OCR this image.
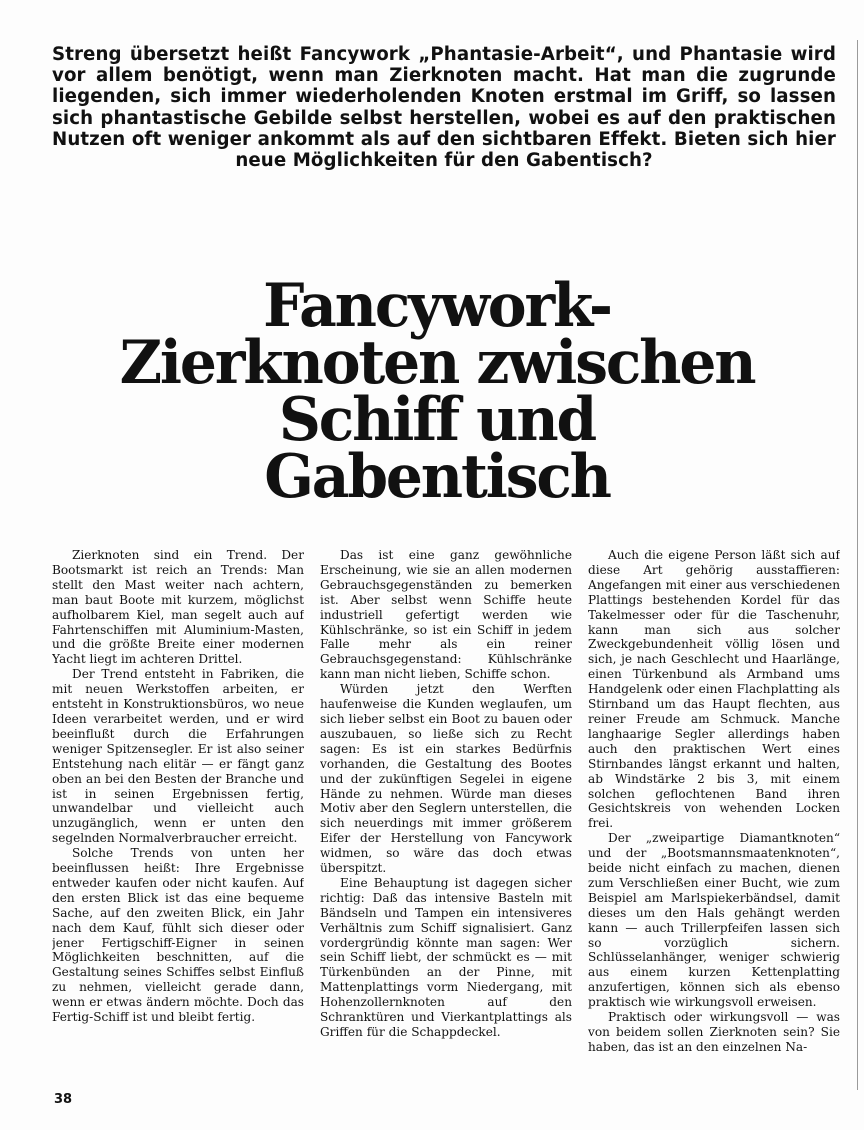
Streng übersetzt heißt Fancywork „Phantasie-Arbeit“, und Phantasie wird vor allem benötigt, wenn man Zierknoten macht. Hat man die zugrunde liegenden, sich immer wiederholenden Knoten erstmal im Griff, so lassen sich phantastische Gebilde selbst herstellen, wobei es auf den praktischen Nutzen oft weniger ankommt als auf den sichtbaren Effekt. Bieten sich hier neue Möglichkeiten für den Gabentisch?

Fancywork-
Zierknoten zwischen
Schiff und
Gabentisch

Zierknoten sind ein Trend. Der Bootsmarkt ist reich an Trends: Man stellt den Mast weiter nach achtern, man baut Boote mit kurzem, möglichst aufholbarem Kiel, man segelt auch auf Fahrtenschiffen mit Aluminium-Masten, und die größte Breite einer modernen Yacht liegt im achteren Drittel.

Der Trend entsteht in Fabriken, die mit neuen Werkstoffen arbeiten, er entsteht in Konstruktionsbüros, wo neue Ideen verarbeitet werden, und er wird beeinflußt durch die Erfahrungen weniger Spitzensegler. Er ist also seiner Entstehung nach elitär — er fängt ganz oben an bei den Besten der Branche und ist in seinen Ergebnissen fertig, unwandelbar und vielleicht auch unzugänglich, wenn er unten den segelnden Normalverbraucher erreicht.

Solche Trends von unten her beeinflussen heißt: Ihre Ergebnisse entweder kaufen oder nicht kaufen. Auf den ersten Blick ist das eine bequeme Sache, auf den zweiten Blick, ein Jahr nach dem Kauf, fühlt sich dieser oder jener Fertigschiff-Eigner in seinen Möglichkeiten beschnitten, auf die Gestaltung seines Schiffes selbst Einfluß zu nehmen, vielleicht gerade dann, wenn er etwas ändern möchte. Doch das Fertig-Schiff ist und bleibt fertig.

Das ist eine ganz gewöhnliche Erscheinung, wie sie an allen modernen Gebrauchsgegenständen zu bemerken ist. Aber selbst wenn Schiffe heute industriell gefertigt werden wie Kühlschränke, so ist ein Schiff in jedem Falle mehr als ein reiner Gebrauchsgegenstand: Kühlschränke kann man nicht lieben, Schiffe schon.

Würden jetzt den Werften haufenweise die Kunden weglaufen, um sich lieber selbst ein Boot zu bauen oder auszubauen, so ließe sich zu Recht sagen: Es ist ein starkes Bedürfnis vorhanden, die Gestaltung des Bootes und der zukünftigen Segelei in eigene Hände zu nehmen. Würde man dieses Motiv aber den Seglern unterstellen, die sich neuerdings mit immer größerem Eifer der Herstellung von Fancywork widmen, so wäre das doch etwas überspitzt.

Eine Behauptung ist dagegen sicher richtig: Daß das intensive Basteln mit Bändseln und Tampen ein intensiveres Verhältnis zum Schiff signalisiert. Ganz vordergründig könnte man sagen: Wer sein Schiff liebt, der schmückt es — mit Türkenbünden an der Pinne, mit Mattenplattings vorm Niedergang, mit Hohenzollernknoten auf den Schranktüren und Vierkantplattings als Griffen für die Schappdeckel.

Auch die eigene Person läßt sich auf diese Art gehörig ausstaffieren: Angefangen mit einer aus verschiedenen Plattings bestehenden Kordel für das Takelmesser oder für die Taschenuhr, kann man sich aus solcher Zweckgebundenheit völlig lösen und sich, je nach Geschlecht und Haarlänge, einen Türkenbund als Armband ums Handgelenk oder einen Flachplatting als Stirnband um das Haupt flechten, aus reiner Freude am Schmuck. Manche langhaarige Segler allerdings haben auch den praktischen Wert eines Stirnbandes längst erkannt und halten, ab Windstärke 2 bis 3, mit einem solchen geflochtenen Band ihren Gesichtskreis von wehenden Locken frei.

Der „zweipartige Diamantknoten“ und der „Bootsmannsmaatenknoten“, beide nicht einfach zu machen, dienen zum Verschließen einer Bucht, wie zum Beispiel am Marlspiekerbändsel, damit dieses um den Hals gehängt werden kann — auch Trillerpfeifen lassen sich so vorzüglich sichern. Schlüsselanhänger, weniger schwierig aus einem kurzen Kettenplatting anzufertigen, können sich als ebenso praktisch wie wirkungsvoll erweisen.

Praktisch oder wirkungsvoll — was von beidem sollen Zierknoten sein? Sie haben, das ist an den einzelnen Na-

38
